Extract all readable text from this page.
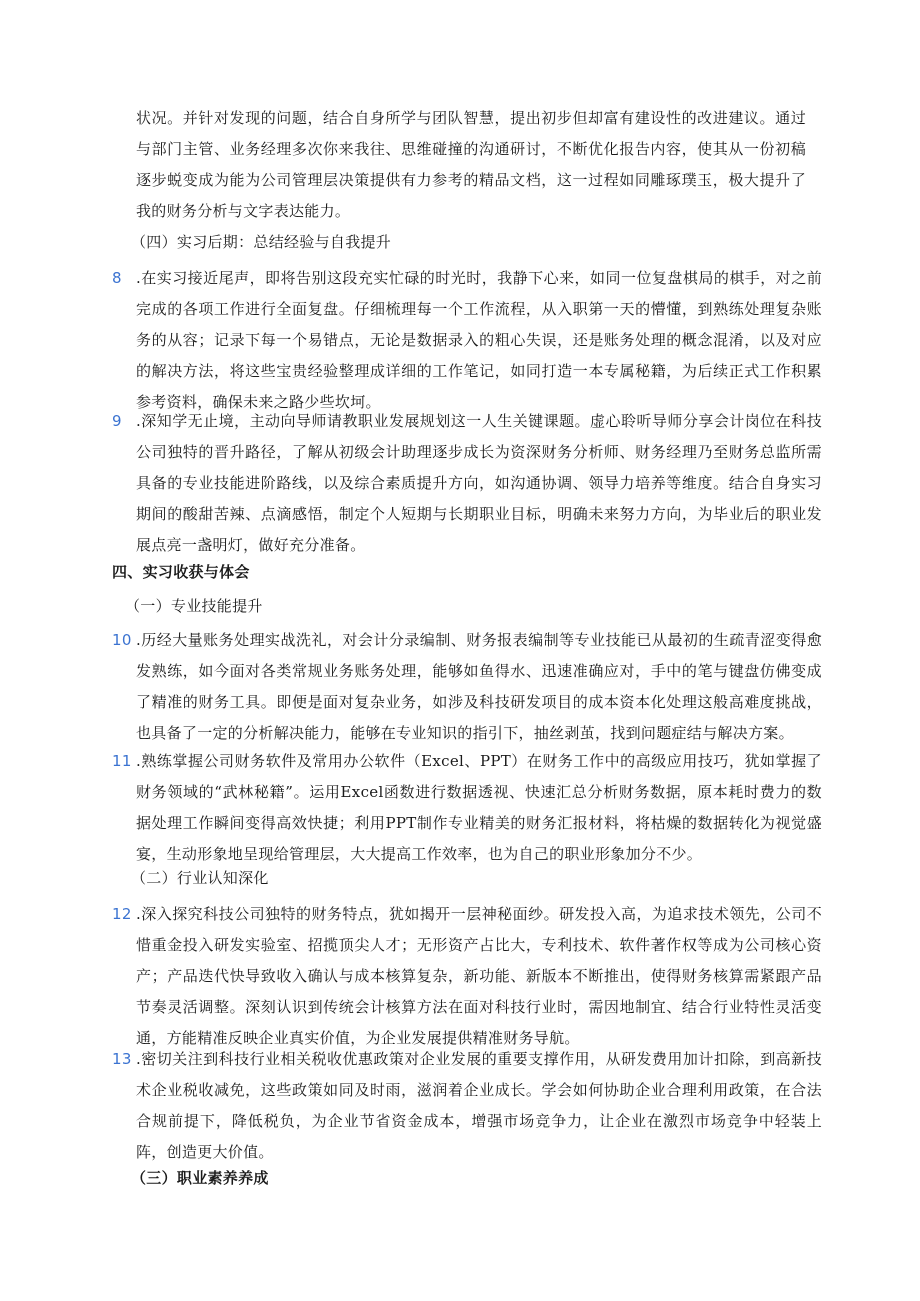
状况。并针对发现的问题，结合自身所学与团队智慧，提出初步但却富有建设性的改进建议。通过与部门主管、业务经理多次你来我往、思维碰撞的沟通研讨，不断优化报告内容，使其从一份初稿逐步蜕变成为能为公司管理层决策提供有力参考的精品文档，这一过程如同雕琢璞玉，极大提升了我的财务分析与文字表达能力。
（四）实习后期：总结经验与自我提升
8 .在实习接近尾声，即将告别这段充实忙碌的时光时，我静下心来，如同一位复盘棋局的棋手，对之前完成的各项工作进行全面复盘。仔细梳理每一个工作流程，从入职第一天的懵懂，到熟练处理复杂账务的从容；记录下每一个易错点，无论是数据录入的粗心失误，还是账务处理的概念混淆，以及对应的解决方法，将这些宝贵经验整理成详细的工作笔记，如同打造一本专属秘籍，为后续正式工作积累参考资料，确保未来之路少些坎坷。
9 .深知学无止境，主动向导师请教职业发展规划这一人生关键课题。虚心聆听导师分享会计岗位在科技公司独特的晋升路径，了解从初级会计助理逐步成长为资深财务分析师、财务经理乃至财务总监所需具备的专业技能进阶路线，以及综合素质提升方向，如沟通协调、领导力培养等维度。结合自身实习期间的酸甜苦辣、点滴感悟，制定个人短期与长期职业目标，明确未来努力方向，为毕业后的职业发展点亮一盏明灯，做好充分准备。
四、实习收获与体会
（一）专业技能提升
10 .历经大量账务处理实战洗礼，对会计分录编制、财务报表编制等专业技能已从最初的生疏青涩变得愈发熟练，如今面对各类常规业务账务处理，能够如鱼得水、迅速准确应对，手中的笔与键盘仿佛变成了精准的财务工具。即便是面对复杂业务，如涉及科技研发项目的成本资本化处理这般高难度挑战，也具备了一定的分析解决能力，能够在专业知识的指引下，抽丝剥茧，找到问题症结与解决方案。
11 .熟练掌握公司财务软件及常用办公软件（Excel、PPT）在财务工作中的高级应用技巧，犹如掌握了财务领域的“武林秘籍”。运用Excel函数进行数据透视、快速汇总分析财务数据，原本耗时费力的数据处理工作瞬间变得高效快捷；利用PPT制作专业精美的财务汇报材料，将枯燥的数据转化为视觉盛宴，生动形象地呈现给管理层，大大提高工作效率，也为自己的职业形象加分不少。
（二）行业认知深化
12 .深入探究科技公司独特的财务特点，犹如揭开一层神秘面纱。研发投入高，为追求技术领先，公司不惜重金投入研发实验室、招揽顶尖人才；无形资产占比大，专利技术、软件著作权等成为公司核心资产；产品迭代快导致收入确认与成本核算复杂，新功能、新版本不断推出，使得财务核算需紧跟产品节奏灵活调整。深刻认识到传统会计核算方法在面对科技行业时，需因地制宜、结合行业特性灵活变通，方能精准反映企业真实价值，为企业发展提供精准财务导航。
13 .密切关注到科技行业相关税收优惠政策对企业发展的重要支撑作用，从研发费用加计扣除，到高新技术企业税收减免，这些政策如同及时雨，滋润着企业成长。学会如何协助企业合理利用政策，在合法合规前提下，降低税负，为企业节省资金成本，增强市场竞争力，让企业在激烈市场竞争中轻装上阵，创造更大价值。
（三）职业素养养成
